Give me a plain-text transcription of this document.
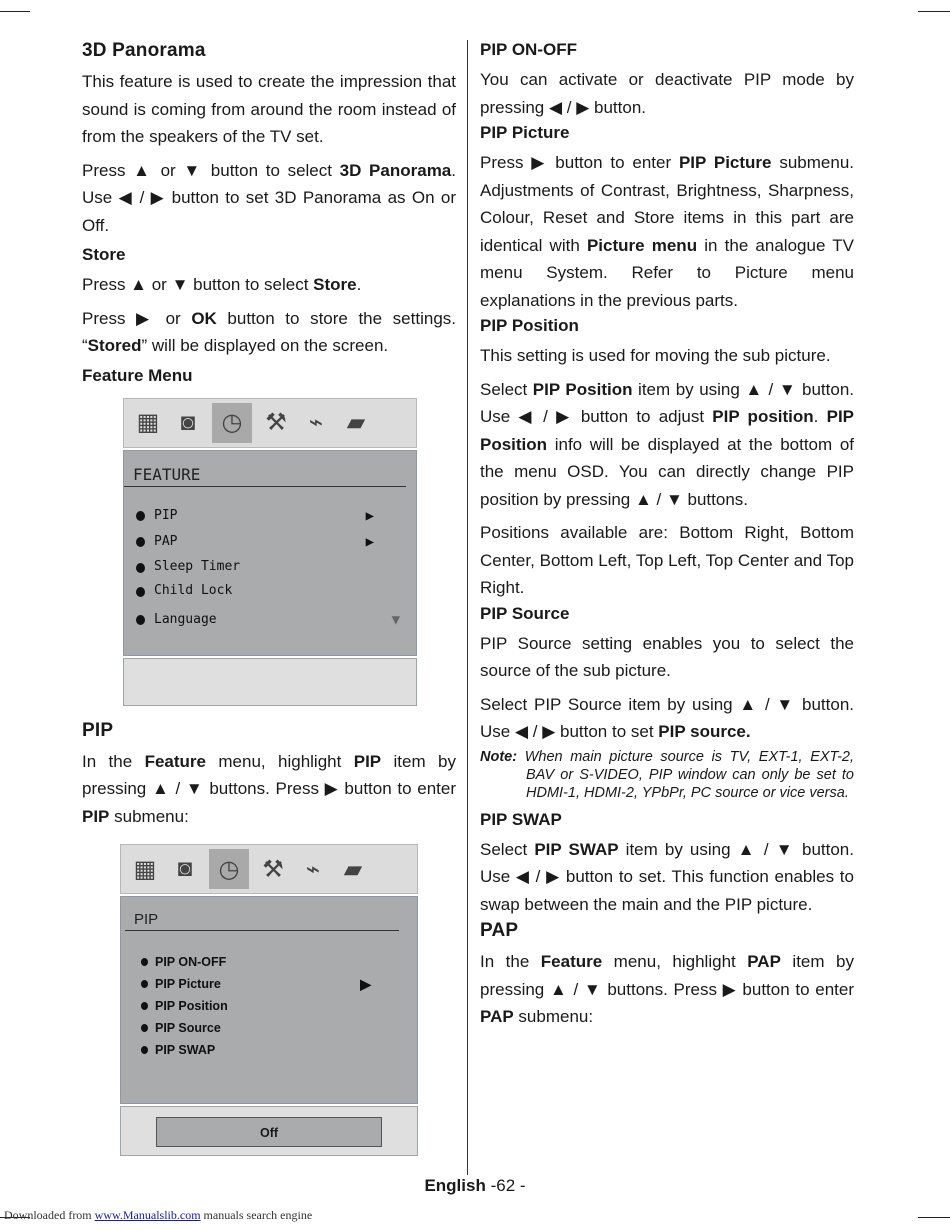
3D Panorama

This feature is used to create the impression that sound is coming from around the room instead of from the speakers of the TV set.

Press ▲ or ▼ button to select 3D Panorama. Use ◀ / ▶ button to set 3D Panorama as On or Off.

Store

Press ▲ or ▼ button to select Store.

Press ▶ or OK button to store the settings. “Stored” will be displayed on the screen.

Feature Menu
▦ ◙	◷ ⚒ ⌁ ▰
FEATURE
PIP	▶
PAP	▶
Sleep Timer
Child Lock
Language	▼
PIP

In the Feature menu, highlight PIP item by pressing ▲ / ▼ buttons. Press ▶ button to enter PIP submenu:

▦ ◙	◷ ⚒ ⌁ ▰
PIP
PIP ON-OFF
PIP Picture	▶
PIP Position
PIP Source
PIP SWAP
Off
PIP ON-OFF

You can activate or deactivate PIP mode by pressing ◀ / ▶ button.

PIP Picture

Press ▶ button to enter PIP Picture submenu. Adjustments of Contrast, Brightness, Sharpness, Colour, Reset and Store items in this part are identical with Picture menu in the analogue TV menu System. Refer to Picture menu explanations in the previous parts.

PIP Position

This setting is used for moving the sub picture.

Select PIP Position item by using ▲ / ▼ button. Use ◀ / ▶ button to adjust PIP position. PIP Position info will be displayed at the bottom of the menu OSD. You can directly change PIP position by pressing ▲ / ▼ buttons.

Positions available are: Bottom Right, Bottom Center, Bottom Left, Top Left, Top Center and Top Right.

PIP Source

PIP Source setting enables you to select the source of the sub picture.

Select PIP Source item by using ▲ / ▼ button. Use ◀ / ▶ button to set PIP source.

Note: When main picture source is TV, EXT-1, EXT-2, BAV or S-VIDEO, PIP window can only be set to HDMI-1, HDMI-2, YPbPr, PC source or vice versa.
PIP SWAP

Select PIP SWAP item by using ▲ / ▼ button. Use ◀ / ▶ button to set. This function enables to swap between the main and the PIP picture.

PAP

In the Feature menu, highlight PAP item by pressing ▲ / ▼ buttons. Press ▶ button to enter PAP submenu:

English -62 -
Downloaded from www.Manualslib.com manuals search engine
